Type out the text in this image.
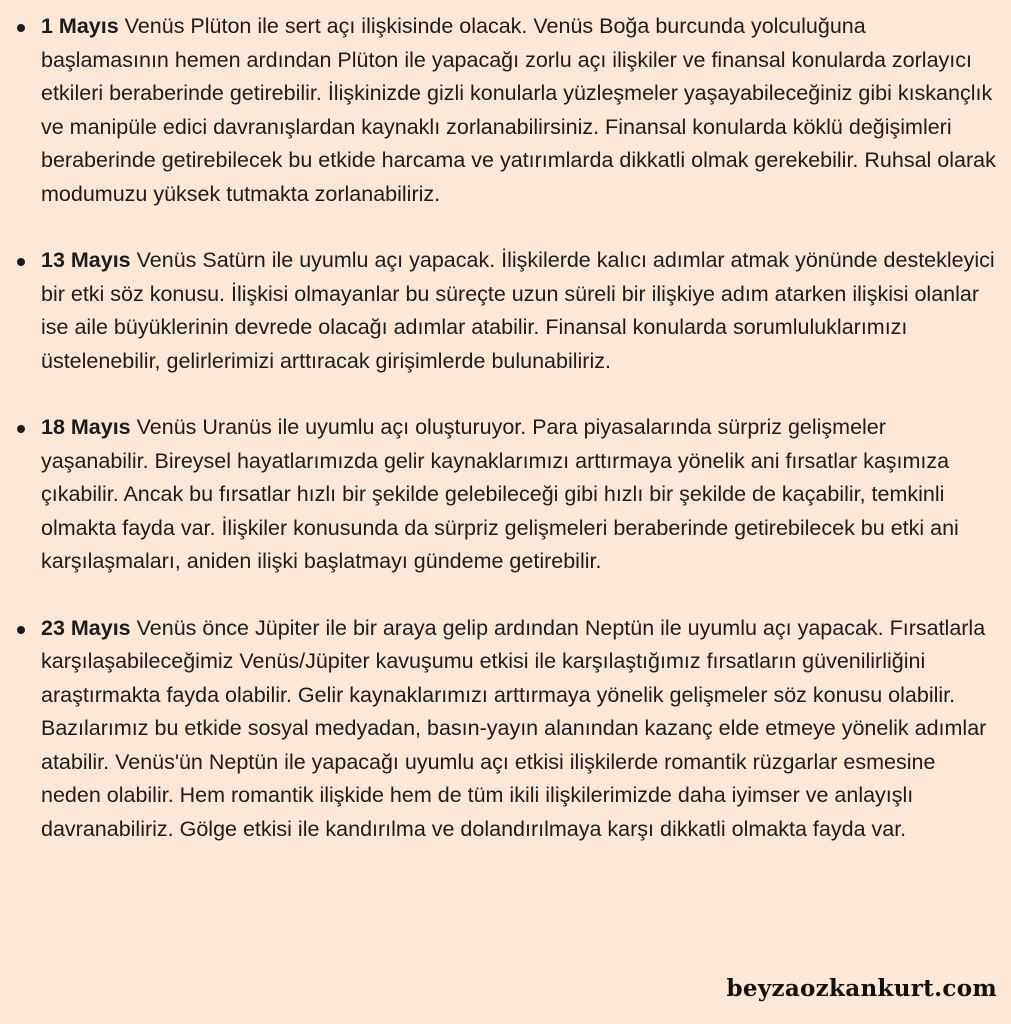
1 Mayıs Venüs Plüton ile sert açı ilişkisinde olacak. Venüs Boğa burcunda yolculuğuna başlamasının hemen ardından Plüton ile yapacağı zorlu açı ilişkiler ve finansal konularda zorlayıcı etkileri beraberinde getirebilir. İlişkinizde gizli konularla yüzleşmeler yaşayabileceğiniz gibi kıskançlık ve manipüle edici davranışlardan kaynaklı zorlanabilirsiniz. Finansal konularda köklü değişimleri beraberinde getirebilecek bu etkide harcama ve yatırımlarda dikkatli olmak gerekebilir. Ruhsal olarak modumuzu yüksek tutmakta zorlanabiliriz.
13 Mayıs Venüs Satürn ile uyumlu açı yapacak. İlişkilerde kalıcı adımlar atmak yönünde destekleyici bir etki söz konusu. İlişkisi olmayanlar bu süreçte uzun süreli bir ilişkiye adım atarken ilişkisi olanlar ise aile büyüklerinin devrede olacağı adımlar atabilir. Finansal konularda sorumluluklarımızı üstelenebilir, gelirlerimizi arttıracak girişimlerde bulunabiliriz.
18 Mayıs Venüs Uranüs ile uyumlu açı oluşturuyor. Para piyasalarında sürpriz gelişmeler yaşanabilir. Bireysel hayatlarımızda gelir kaynaklarımızı arttırmaya yönelik ani fırsatlar kaşımıza çıkabilir. Ancak bu fırsatlar hızlı bir şekilde gelebileceği gibi hızlı bir şekilde de kaçabilir, temkinli olmakta fayda var. İlişkiler konusunda da sürpriz gelişmeleri beraberinde getirebilecek bu etki ani karşılaşmaları, aniden ilişki başlatmayı gündeme getirebilir.
23 Mayıs Venüs önce Jüpiter ile bir araya gelip ardından Neptün ile uyumlu açı yapacak. Fırsatlarla karşılaşabileceğimiz Venüs/Jüpiter kavuşumu etkisi ile karşılaştığımız fırsatların güvenilirliğini araştırmakta fayda olabilir. Gelir kaynaklarımızı arttırmaya yönelik gelişmeler söz konusu olabilir. Bazılarımız bu etkide sosyal medyadan, basın-yayın alanından kazanç elde etmeye yönelik adımlar atabilir. Venüs'ün Neptün ile yapacağı uyumlu açı etkisi ilişkilerde romantik rüzgarlar esmesine neden olabilir. Hem romantik ilişkide hem de tüm ikili ilişkilerimizde daha iyimser ve anlayışlı davranabiliriz. Gölge etkisi ile kandırılma ve dolandırılmaya karşı dikkatli olmakta fayda var.
beyzaozkankurt.com
